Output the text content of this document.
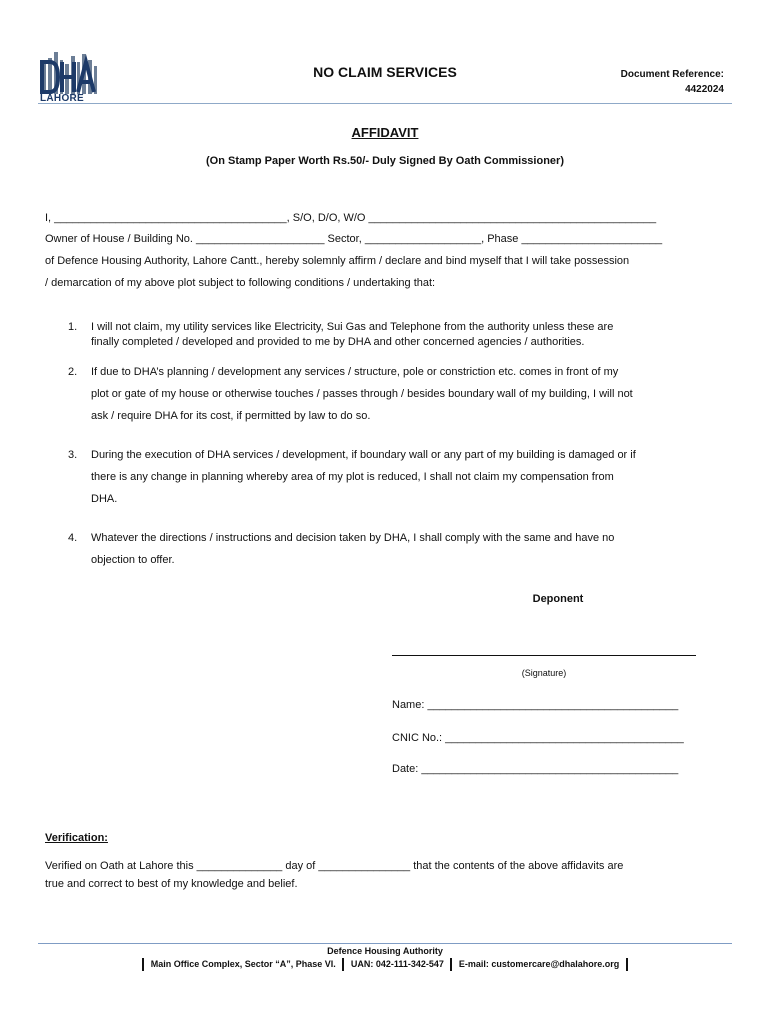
LAHORE
NO CLAIM SERVICES	Document Reference:
4422024
AFFIDAVIT
(On Stamp Paper Worth Rs.50/- Duly Signed By Oath Commissioner)
I, ______________________________________, S/O, D/O, W/O _______________________________________________
Owner of House / Building No. _____________________ Sector, ___________________, Phase _______________________
of Defence Housing Authority, Lahore Cantt., hereby solemnly affirm / declare and bind myself that I will take possession
/ demarcation of my above plot subject to following conditions / undertaking that:
1. I will not claim, my utility services like Electricity, Sui Gas and Telephone from the authority unless these are
finally completed / developed and provided to me by DHA and other concerned agencies / authorities.
2. If due to DHA’s planning / development any services / structure, pole or constriction etc. comes in front of my
plot or gate of my house or otherwise touches / passes through / besides boundary wall of my building, I will not
ask / require DHA for its cost, if permitted by law to do so.
3. During the execution of DHA services / development, if boundary wall or any part of my building is damaged or if
there is any change in planning whereby area of my plot is reduced, I shall not claim my compensation from
DHA.
4. Whatever the directions / instructions and decision taken by DHA, I shall comply with the same and have no
objection to offer.
Deponent
(Signature)
Name: _________________________________________
CNIC No.: _______________________________________
Date: __________________________________________
Verification:
Verified on Oath at Lahore this ______________ day of _______________ that the contents of the above affidavits are
true and correct to best of my knowledge and belief.
Defence Housing Authority
Main Office Complex, Sector “A”, Phase VI. UAN: 042-111-342-547 E-mail: customercare@dhalahore.org
